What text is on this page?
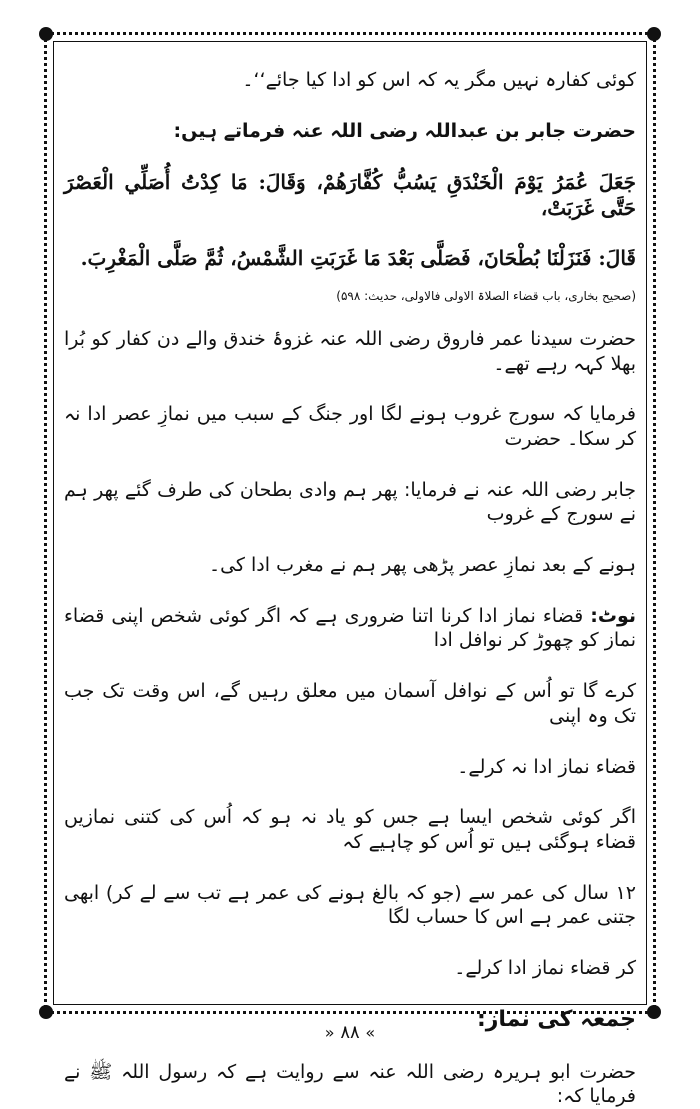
کوئی کفارہ نہیں مگر یہ کہ اس کو ادا کیا جائے‘‘۔

حضرت جابر بن عبداللہ رضی اللہ عنہ فرماتے ہیں:

جَعَلَ عُمَرُ يَوْمَ الْخَنْدَقِ يَسُبُّ كُفَّارَهُمْ، وَقَالَ: مَا كِدْتُ أُصَلِّي الْعَصْرَ حَتَّى غَرَبَتْ،

قَالَ: فَنَزَلْنَا بُطْحَانَ، فَصَلَّى بَعْدَ مَا غَرَبَتِ الشَّمْسُ، ثُمَّ صَلَّى الْمَغْرِبَ.

(صحیح بخاری، باب قضاء الصلاۃ الاولی فالاولی، حدیث: ۵۹۸)

حضرت سیدنا عمر فاروق رضی اللہ عنہ غزوۂ خندق والے دن کفار کو بُرا بھلا کہہ رہے تھے۔

فرمایا کہ سورج غروب ہونے لگا اور جنگ کے سبب میں نمازِ عصر ادا نہ کر سکا۔ حضرت

جابر رضی اللہ عنہ نے فرمایا: پھر ہم وادی بطحان کی طرف گئے پھر ہم نے سورج کے غروب

ہونے کے بعد نمازِ عصر پڑھی پھر ہم نے مغرب ادا کی۔

نوٹ: قضاء نماز ادا کرنا اتنا ضروری ہے کہ اگر کوئی شخص اپنی قضاء نماز کو چھوڑ کر نوافل ادا

کرے گا تو اُس کے نوافل آسمان میں معلق رہیں گے، اس وقت تک جب تک وہ اپنی

قضاء نماز ادا نہ کرلے۔

اگر کوئی شخص ایسا ہے جس کو یاد نہ ہو کہ اُس کی کتنی نمازیں قضاء ہوگئی ہیں تو اُس کو چاہیے کہ

۱۲ سال کی عمر سے (جو کہ بالغ ہونے کی عمر ہے تب سے لے کر) ابھی جتنی عمر ہے اس کا حساب لگا

کر قضاء نماز ادا کرلے۔

جمعہ کی نماز:

حضرت ابو ہریرہ رضی اللہ عنہ سے روایت ہے کہ رسول اللہ ﷺ نے فرمایا کہ:

» ۸۸ «
